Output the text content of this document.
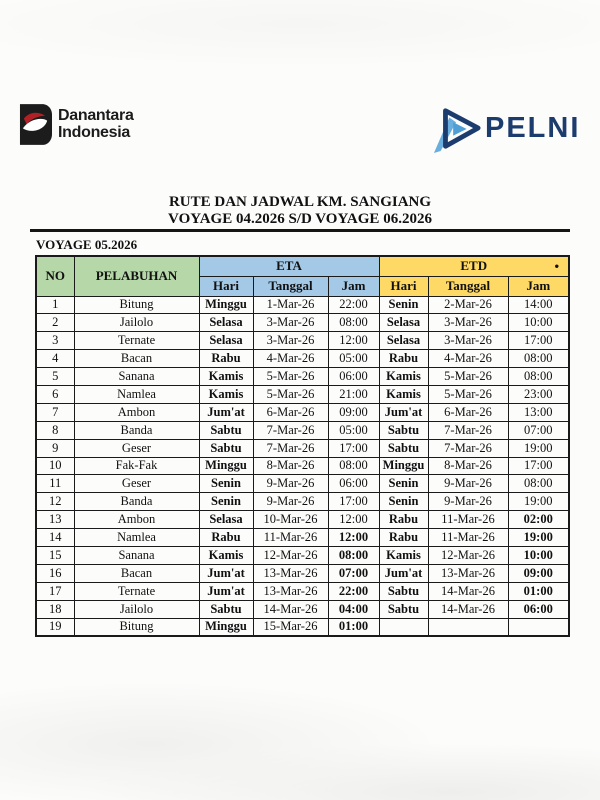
Danantara
Indonesia	PELNI
RUTE DAN JADWAL KM. SANGIANG
VOYAGE 04.2026 S/D VOYAGE 06.2026
VOYAGE 05.2026
NO	PELABUHAN	ETA			ETD •		

		Hari	Tanggal	Jam	Hari	Tanggal	Jam
1	Bitung	Minggu	1-Mar-26	22:00	Senin	2-Mar-26	14:00
2	Jailolo	Selasa	3-Mar-26	08:00	Selasa	3-Mar-26	10:00
3	Ternate	Selasa	3-Mar-26	12:00	Selasa	3-Mar-26	17:00
4	Bacan	Rabu	4-Mar-26	05:00	Rabu	4-Mar-26	08:00
5	Sanana	Kamis	5-Mar-26	06:00	Kamis	5-Mar-26	08:00
6	Namlea	Kamis	5-Mar-26	21:00	Kamis	5-Mar-26	23:00
7	Ambon	Jum'at	6-Mar-26	09:00	Jum'at	6-Mar-26	13:00
8	Banda	Sabtu	7-Mar-26	05:00	Sabtu	7-Mar-26	07:00
9	Geser	Sabtu	7-Mar-26	17:00	Sabtu	7-Mar-26	19:00
10	Fak-Fak	Minggu	8-Mar-26	08:00	Minggu	8-Mar-26	17:00
11	Geser	Senin	9-Mar-26	06:00	Senin	9-Mar-26	08:00
12	Banda	Senin	9-Mar-26	17:00	Senin	9-Mar-26	19:00
13	Ambon	Selasa	10-Mar-26	12:00	Rabu	11-Mar-26	02:00
14	Namlea	Rabu	11-Mar-26	12:00	Rabu	11-Mar-26	19:00
15	Sanana	Kamis	12-Mar-26	08:00	Kamis	12-Mar-26	10:00
16	Bacan	Jum'at	13-Mar-26	07:00	Jum'at	13-Mar-26	09:00
17	Ternate	Jum'at	13-Mar-26	22:00	Sabtu	14-Mar-26	01:00
18	Jailolo	Sabtu	14-Mar-26	04:00	Sabtu	14-Mar-26	06:00
19	Bitung	Minggu	15-Mar-26	01:00			
